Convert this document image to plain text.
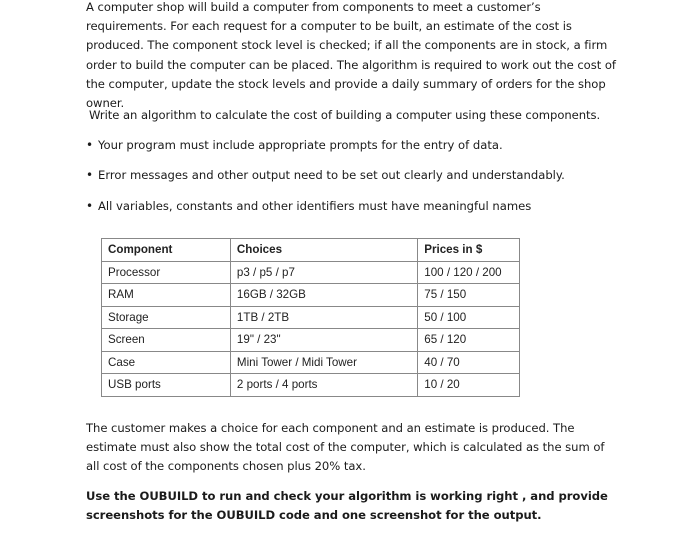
A computer shop will build a computer from components to meet a customer’s requirements. For each request for a computer to be built, an estimate of the cost is produced. The component stock level is checked; if all the components are in stock, a firm order to build the computer can be placed. The algorithm is required to work out the cost of the computer, update the stock levels and provide a daily summary of orders for the shop owner.

Write an algorithm to calculate the cost of building a computer using these components.

• Your program must include appropriate prompts for the entry of data.
• Error messages and other output need to be set out clearly and understandably.
• All variables, constants and other identifiers must have meaningful names
Component	Choices	Prices in $
Processor	p3 / p5 / p7	100 / 120 / 200
RAM	16GB / 32GB	75 / 150
Storage	1TB / 2TB	50 / 100
Screen	19" / 23"	65 / 120
Case	Mini Tower / Midi Tower	40 / 70
USB ports	2 ports / 4 ports	10 / 20

The customer makes a choice for each component and an estimate is produced. The estimate must also show the total cost of the computer, which is calculated as the sum of all cost of the components chosen plus 20% tax.

Use the OUBUILD to run and check your algorithm is working right , and provide screenshots for the OUBUILD code and one screenshot for the output.
